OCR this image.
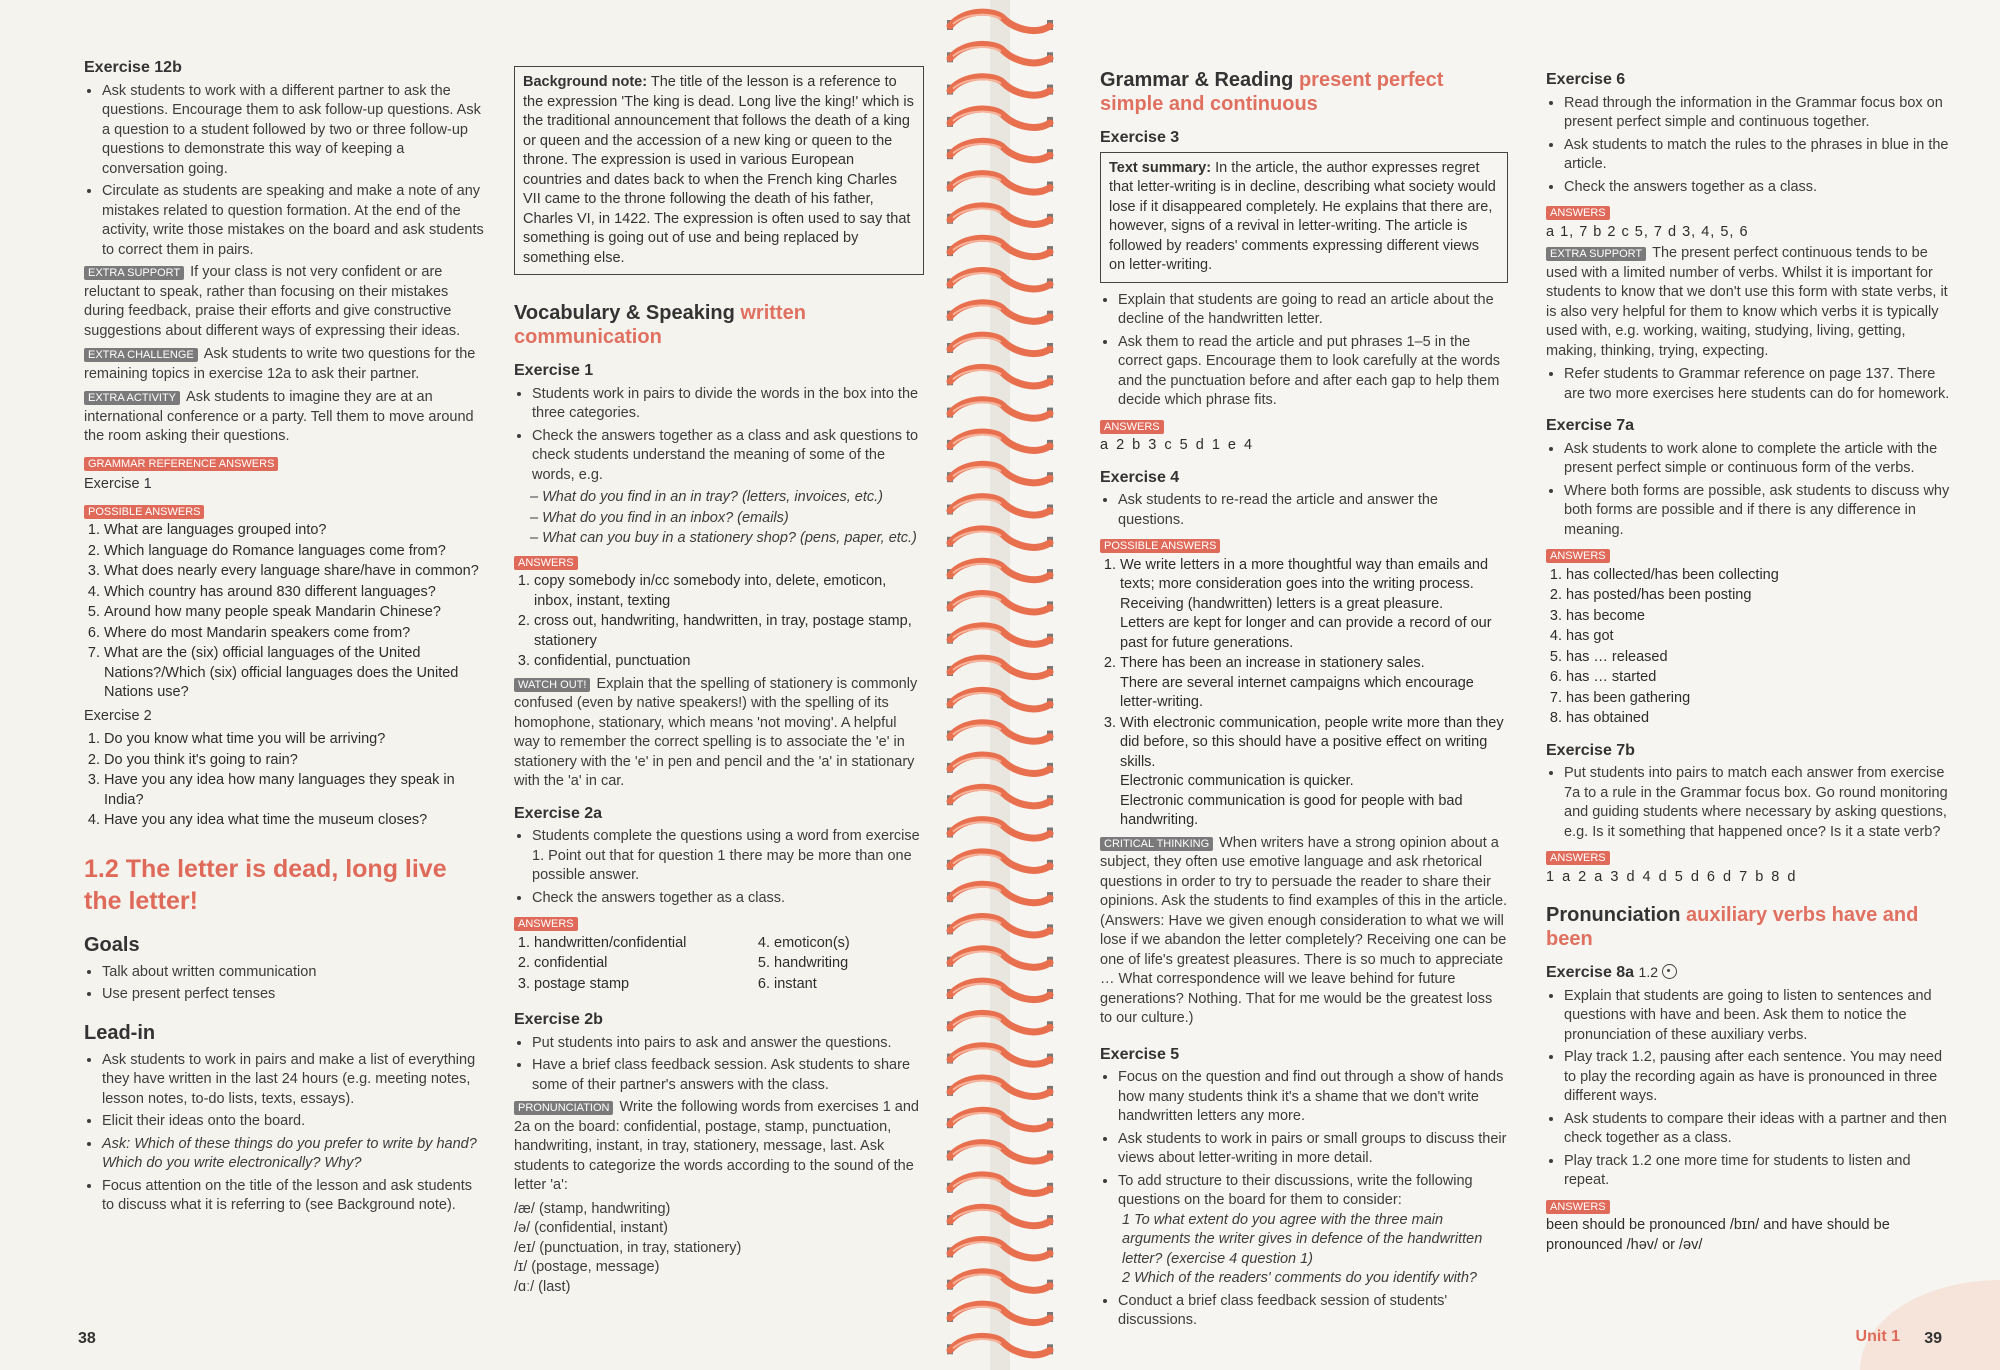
Exercise 12b
• Ask students to work with a different partner to ask the questions. Encourage them to ask follow-up questions. Ask a question to a student followed by two or three follow-up questions to demonstrate this way of keeping a conversation going.
• Circulate as students are speaking and make a note of any mistakes related to question formation. At the end of the activity, write those mistakes on the board and ask students to correct them in pairs.
EXTRA SUPPORT If your class is not very confident or are reluctant to speak, rather than focusing on their mistakes during feedback, praise their efforts and give constructive suggestions about different ways of expressing their ideas.
EXTRA CHALLENGE Ask students to write two questions for the remaining topics in exercise 12a to ask their partner.
EXTRA ACTIVITY Ask students to imagine they are at an international conference or a party. Tell them to move around the room asking their questions.
GRAMMAR REFERENCE ANSWERS
Exercise 1
POSSIBLE ANSWERS
1. What are languages grouped into?
2. Which language do Romance languages come from?
3. What does nearly every language share/have in common?
4. Which country has around 830 different languages?
5. Around how many people speak Mandarin Chinese?
6. Where do most Mandarin speakers come from?
7. What are the (six) official languages of the United Nations?/Which (six) official languages does the United Nations use?
Exercise 2
1. Do you know what time you will be arriving?
2. Do you think it's going to rain?
3. Have you any idea how many languages they speak in India?
4. Have you any idea what time the museum closes?
1.2 The letter is dead, long live the letter!
Goals
• Talk about written communication
• Use present perfect tenses
Lead-in
• Ask students to work in pairs and make a list of everything they have written in the last 24 hours (e.g. meeting notes, lesson notes, to-do lists, texts, essays).
• Elicit their ideas onto the board.
• Ask: Which of these things do you prefer to write by hand? Which do you write electronically? Why?
• Focus attention on the title of the lesson and ask students to discuss what it is referring to (see Background note).
Background note: The title of the lesson is a reference to the expression 'The king is dead. Long live the king!' which is the traditional announcement that follows the death of a king or queen and the accession of a new king or queen to the throne. The expression is used in various European countries and dates back to when the French king Charles VII came to the throne following the death of his father, Charles VI, in 1422. The expression is often used to say that something is going out of use and being replaced by something else.
Vocabulary & Speaking written communication
Exercise 1
• Students work in pairs to divide the words in the box into the three categories.
• Check the answers together as a class and ask questions to check students understand the meaning of some of the words, e.g.
– What do you find in an in tray? (letters, invoices, etc.)
– What do you find in an inbox? (emails)
– What can you buy in a stationery shop? (pens, paper, etc.)
ANSWERS
1. copy somebody in/cc somebody into, delete, emoticon, inbox, instant, texting
2. cross out, handwriting, handwritten, in tray, postage stamp, stationery
3. confidential, punctuation
WATCH OUT! Explain that the spelling of stationery is commonly confused (even by native speakers!) with the spelling of its homophone, stationary, which means 'not moving'. A helpful way to remember the correct spelling is to associate the 'e' in stationery with the 'e' in pen and pencil and the 'a' in stationary with the 'a' in car.
Exercise 2a
• Students complete the questions using a word from exercise 1. Point out that for question 1 there may be more than one possible answer.
• Check the answers together as a class.
ANSWERS
1. handwritten/confidential
2. confidential
3. postage stamp
4. emoticon(s)
5. handwriting
6. instant
Exercise 2b
• Put students into pairs to ask and answer the questions.
• Have a brief class feedback session. Ask students to share some of their partner's answers with the class.
PRONUNCIATION Write the following words from exercises 1 and 2a on the board: confidential, postage, stamp, punctuation, handwriting, instant, in tray, stationery, message, last. Ask students to categorize the words according to the sound of the letter 'a':
/æ/ (stamp, handwriting)
/ə/ (confidential, instant)
/eɪ/ (punctuation, in tray, stationery)
/ɪ/ (postage, message)
/ɑː/ (last)
38
Grammar & Reading present perfect simple and continuous
Exercise 3
Text summary: In the article, the author expresses regret that letter-writing is in decline, describing what society would lose if it disappeared completely. He explains that there are, however, signs of a revival in letter-writing. The article is followed by readers' comments expressing different views on letter-writing.
• Explain that students are going to read an article about the decline of the handwritten letter.
• Ask them to read the article and put phrases 1–5 in the correct gaps. Encourage them to look carefully at the words and the punctuation before and after each gap to help them decide which phrase fits.
ANSWERS
a 2 b 3 c 5 d 1 e 4
Exercise 4
• Ask students to re-read the article and answer the questions.
POSSIBLE ANSWERS
1. We write letters in a more thoughtful way than emails and texts; more consideration goes into the writing process.
Receiving (handwritten) letters is a great pleasure.
Letters are kept for longer and can provide a record of our past for future generations.
2. There has been an increase in stationery sales.
There are several internet campaigns which encourage letter-writing.
3. With electronic communication, people write more than they did before, so this should have a positive effect on writing skills.
Electronic communication is quicker.
Electronic communication is good for people with bad handwriting.
CRITICAL THINKING When writers have a strong opinion about a subject, they often use emotive language and ask rhetorical questions in order to try to persuade the reader to share their opinions. Ask the students to find examples of this in the article. (Answers: Have we given enough consideration to what we will lose if we abandon the letter completely? Receiving one can be one of life's greatest pleasures. There is so much to appreciate … What correspondence will we leave behind for future generations? Nothing. That for me would be the greatest loss to our culture.)
Exercise 5
• Focus on the question and find out through a show of hands how many students think it's a shame that we don't write handwritten letters any more.
• Ask students to work in pairs or small groups to discuss their views about letter-writing in more detail.
• To add structure to their discussions, write the following questions on the board for them to consider:
1 To what extent do you agree with the three main arguments the writer gives in defence of the handwritten letter? (exercise 4 question 1)
2 Which of the readers' comments do you identify with?
• Conduct a brief class feedback session of students' discussions.
Exercise 6
• Read through the information in the Grammar focus box on present perfect simple and continuous together.
• Ask students to match the rules to the phrases in blue in the article.
• Check the answers together as a class.
ANSWERS
a 1, 7 b 2 c 5, 7 d 3, 4, 5, 6
EXTRA SUPPORT The present perfect continuous tends to be used with a limited number of verbs. Whilst it is important for students to know that we don't use this form with state verbs, it is also very helpful for them to know which verbs it is typically used with, e.g. working, waiting, studying, living, getting, making, thinking, trying, expecting.
• Refer students to Grammar reference on page 137. There are two more exercises here students can do for homework.
Exercise 7a
• Ask students to work alone to complete the article with the present perfect simple or continuous form of the verbs.
• Where both forms are possible, ask students to discuss why both forms are possible and if there is any difference in meaning.
ANSWERS
1. has collected/has been collecting
2. has posted/has been posting
3. has become
4. has got
5. has … released
6. has … started
7. has been gathering
8. has obtained
Exercise 7b
• Put students into pairs to match each answer from exercise 7a to a rule in the Grammar focus box. Go round monitoring and guiding students where necessary by asking questions, e.g. Is it something that happened once? Is it a state verb?
ANSWERS
1 a 2 a 3 d 4 d 5 d 6 d 7 b 8 d
Pronunciation auxiliary verbs have and been
Exercise 8a 1.2
• Explain that students are going to listen to sentences and questions with have and been. Ask them to notice the pronunciation of these auxiliary verbs.
• Play track 1.2, pausing after each sentence. You may need to play the recording again as have is pronounced in three different ways.
• Ask students to compare their ideas with a partner and then check together as a class.
• Play track 1.2 one more time for students to listen and repeat.
ANSWERS
been should be pronounced /bɪn/ and have should be pronounced /həv/ or /əv/
Unit 1 39
